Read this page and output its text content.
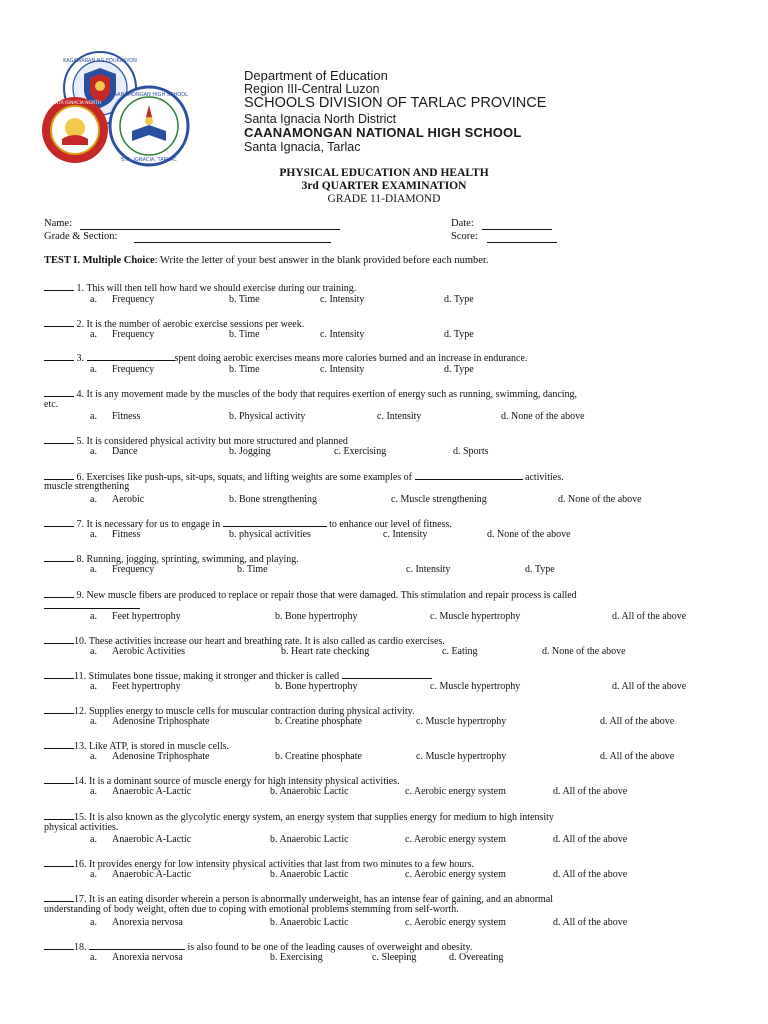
KAGAWARAN NG EDUKASYON
SANTA IGNACIA NORTH
CAANAMONGAN HIGH SCHOOL
STA. IGNACIA, TARLAC
Department of Education
Region III-Central Luzon
SCHOOLS DIVISION OF TARLAC PROVINCE
Santa Ignacia North District
CAANAMONGAN NATIONAL HIGH SCHOOL
Santa Ignacia, Tarlac
PHYSICAL EDUCATION AND HEALTH
3rd QUARTER EXAMINATION
GRADE 11-DIAMOND
Name:	Date:
Grade & Section:	Score:
TEST I. Multiple Choice: Write the letter of your best answer in the blank provided before each number.
1. This will then tell how hard we should exercise during our training.
a. Frequency	b. Time	c. Intensity	d. Type
2. It is the number of aerobic exercise sessions per week.
a. Frequency	b. Time	c. Intensity	d. Type
3.	spent doing aerobic exercises means more calories burned and an increase in endurance.
a. Frequency	b. Time	c. Intensity	d. Type
4. It is any movement made by the muscles of the body that requires exertion of energy such as running, swimming, dancing,
etc.
a. Fitness	b. Physical activity	c. Intensity	d. None of the above
5. It is considered physical activity but more structured and planned
a. Dance	b. Jogging	c. Exercising	d. Sports
6. Exercises like push-ups, sit-ups, squats, and lifting weights are some examples of	activities.
muscle strengthening
a. Aerobic	b. Bone strengthening	c. Muscle strengthening	d. None of the above
7. It is necessary for us to engage in	to enhance our level of fitness.
a. Fitness	b. physical activities	c. Intensity	d. None of the above
8. Running, jogging, sprinting, swimming, and playing.
a. Frequency	b. Time	c. Intensity	d. Type
9. New muscle fibers are produced to replace or repair those that were damaged. This stimulation and repair process is called
a. Feet hypertrophy	b. Bone hypertrophy	c. Muscle hypertrophy	d. All of the above
10. These activities increase our heart and breathing rate. It is also called as cardio exercises.
a. Aerobic Activities	b. Heart rate checking	c. Eating	d. None of the above
11. Stimulates bone tissue, making it stronger and thicker is called
a. Feet hypertrophy	b. Bone hypertrophy	c. Muscle hypertrophy	d. All of the above
12. Supplies energy to muscle cells for muscular contraction during physical activity.
a. Adenosine Triphosphate	b. Creatine phosphate	c. Muscle hypertrophy	d. All of the above
13. Like ATP, is stored in muscle cells.
a. Adenosine Triphosphate	b. Creatine phosphate	c. Muscle hypertrophy	d. All of the above
14. It is a dominant source of muscle energy for high intensity physical activities.
a. Anaerobic A-Lactic	b. Anaerobic Lactic	c. Aerobic energy system	d. All of the above
15. It is also known as the glycolytic energy system, an energy system that supplies energy for medium to high intensity
physical activities.
a. Anaerobic A-Lactic	b. Anaerobic Lactic	c. Aerobic energy system	d. All of the above
16. It provides energy for low intensity physical activities that last from two minutes to a few hours.
a. Anaerobic A-Lactic	b. Anaerobic Lactic	c. Aerobic energy system	d. All of the above
17. It is an eating disorder wherein a person is abnormally underweight, has an intense fear of gaining, and an abnormal
understanding of body weight, often due to coping with emotional problems stemming from self-worth.
a. Anorexia nervosa	b. Anaerobic Lactic	c. Aerobic energy system	d. All of the above
18.	is also found to be one of the leading causes of overweight and obesity.
a. Anorexia nervosa	b. Exercising	c. Sleeping	d. Overeating
